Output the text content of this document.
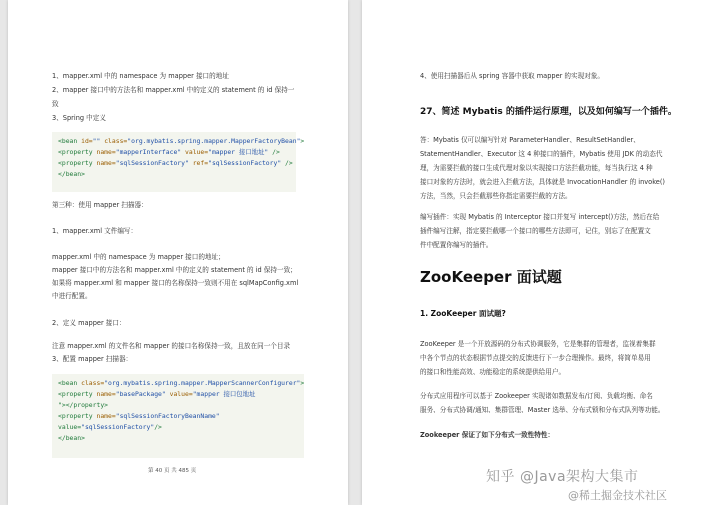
1、mapper.xml 中的 namespace 为 mapper 接口的地址
2、mapper 接口中的方法名和 mapper.xml 中的定义的 statement 的 id 保持一
致
3、Spring 中定义
<bean id="" class="org.mybatis.spring.mapper.MapperFactoryBean">
<property name="mapperInterface" value="mapper 接口地址" />
<property name="sqlSessionFactory" ref="sqlSessionFactory" />
</bean>
第三种：使用 mapper 扫描器：
1、mapper.xml 文件编写：
mapper.xml 中的 namespace 为 mapper 接口的地址；
mapper 接口中的方法名和 mapper.xml 中的定义的 statement 的 id 保持一致；
如果将 mapper.xml 和 mapper 接口的名称保持一致则不用在 sqlMapConfig.xml
中进行配置。
2、定义 mapper 接口：
注意 mapper.xml 的文件名和 mapper 的接口名称保持一致，且放在同一个目录
3、配置 mapper 扫描器：
<bean class="org.mybatis.spring.mapper.MapperScannerConfigurer">
<property name="basePackage" value="mapper 接口包地址
"></property>
<property name="sqlSessionFactoryBeanName"
value="sqlSessionFactory"/>
</bean>
第 40 页 共 485 页
4、使用扫描器后从 spring 容器中获取 mapper 的实现对象。
27、简述 Mybatis 的插件运行原理，以及如何编写一个插件。
答：Mybatis 仅可以编写针对 ParameterHandler、ResultSetHandler、
StatementHandler、Executor 这 4 种接口的插件，Mybatis 使用 JDK 的动态代
理，为需要拦截的接口生成代理对象以实现接口方法拦截功能，每当执行这 4 种
接口对象的方法时，就会进入拦截方法，具体就是 InvocationHandler 的 invoke()
方法，当然，只会拦截那些你指定需要拦截的方法。
编写插件：实现 Mybatis 的 Interceptor 接口并复写 intercept()方法，然后在给
插件编写注解，指定要拦截哪一个接口的哪些方法即可，记住，别忘了在配置文
件中配置你编写的插件。
ZooKeeper 面试题
1. ZooKeeper 面试题?
ZooKeeper 是一个开放源码的分布式协调服务，它是集群的管理者，监视着集群
中各个节点的状态根据节点提交的反馈进行下一步合理操作。最终，将简单易用
的接口和性能高效、功能稳定的系统提供给用户。
分布式应用程序可以基于 Zookeeper 实现诸如数据发布/订阅、负载均衡、命名
服务、分布式协调/通知、集群管理、Master 选举、分布式锁和分布式队列等功能。
Zookeeper 保证了如下分布式一致性特性：
知乎 @Java架构大集市
@稀土掘金技术社区
